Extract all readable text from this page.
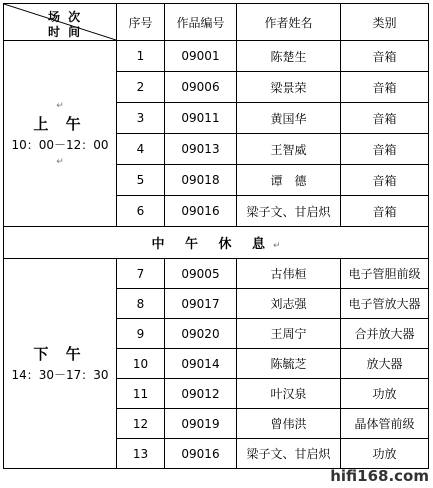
场 次
时 间	序号	作品编号	作者姓名	类别

↵
上 午
10：00－12：00
↵	1	09001	陈楚生	音箱
	2	09006	梁景荣	音箱
	3	09011	黄国华	音箱
	4	09013	王智威	音箱
	5	09018	谭　德	音箱
	6	09016	梁子文、甘启炽	音箱
中 午 休 息↵				

下 午
14：30－17：30	7	09005	古伟桓	电子管胆前级
	8	09017	刘志强	电子管放大器
	9	09020	王周宁	合并放大器
	10	09014	陈毓芝	放大器
	11	09012	叶汉泉	功放
	12	09019	曾伟洪	晶体管前级
	13	09016	梁子文、甘启炽	功放
hifi168.com
